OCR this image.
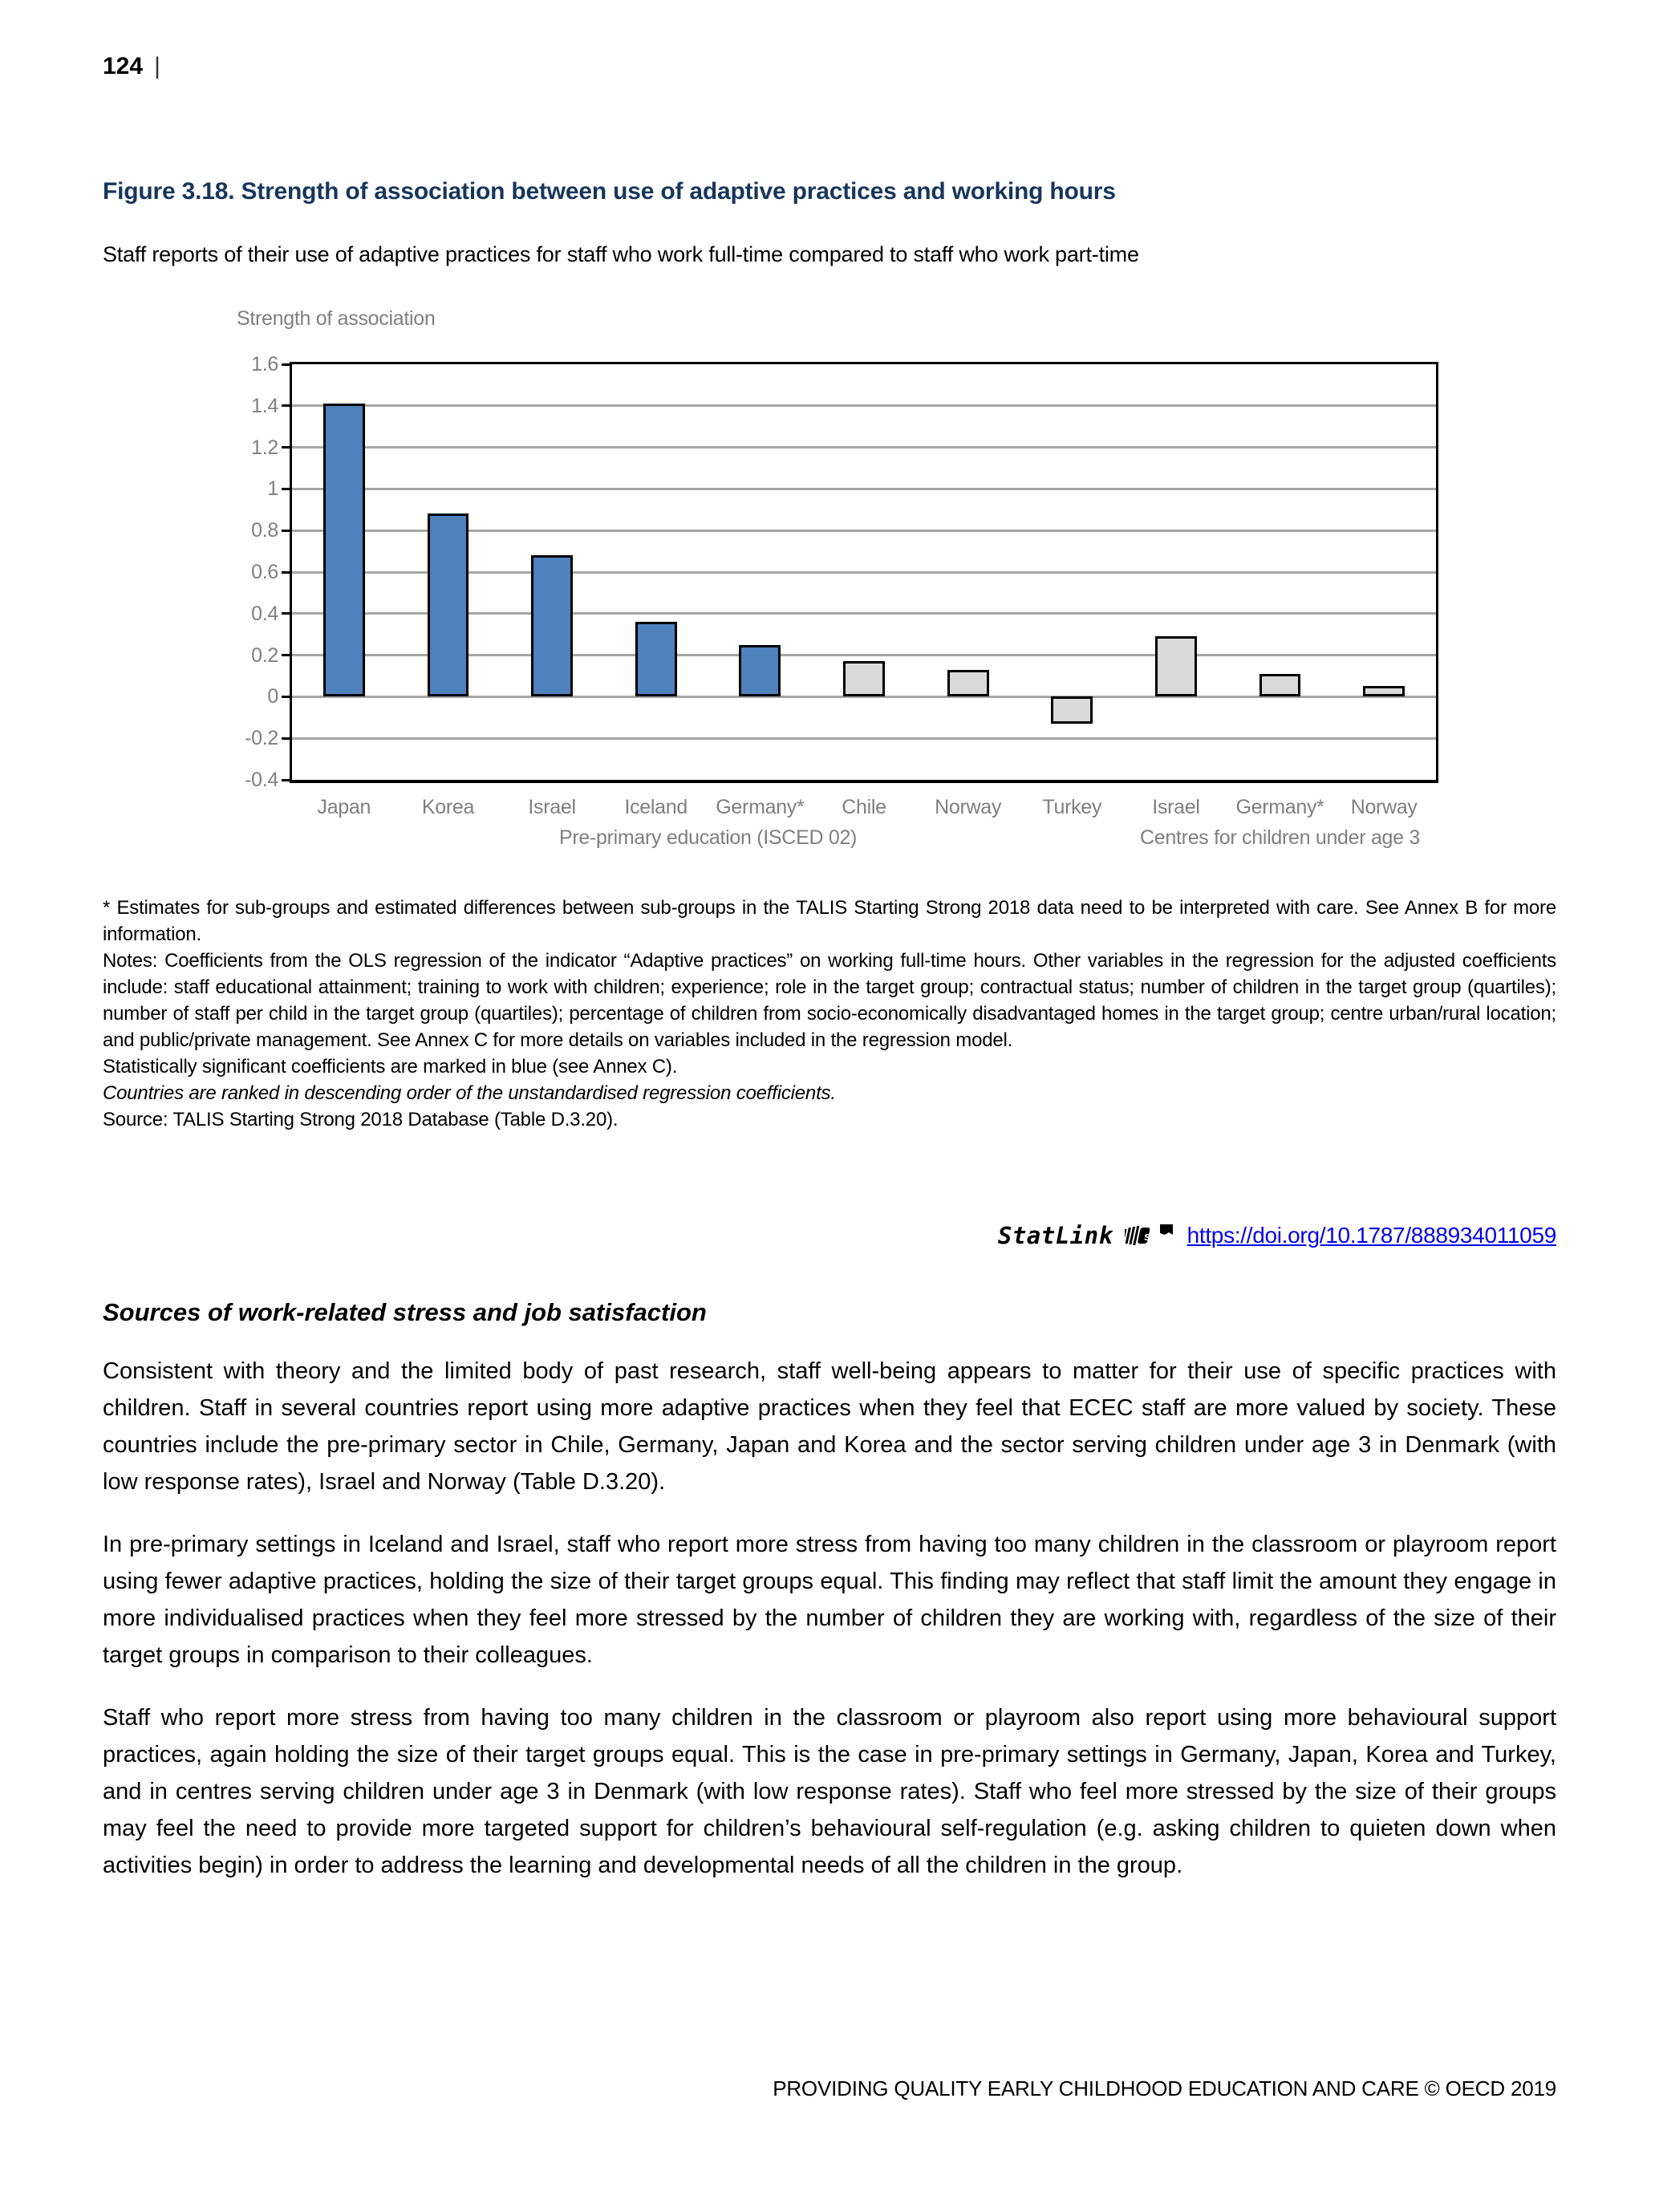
124 |
Figure 3.18. Strength of association between use of adaptive practices and working hours

Staff reports of their use of adaptive practices for staff who work full-time compared to staff who work part-time

Strength of association
1.6
1.4
1.2
1
0.8
0.6
0.4
0.2
0
-0.2
-0.4
Japan	Korea	Israel Iceland Germany* Chile Norway Turkey	Israel Germany* Norway
Pre-primary education (ISCED 02)	Centres for children under age 3

* Estimates for sub-groups and estimated differences between sub-groups in the TALIS Starting Strong 2018 data need to be interpreted with care. See Annex B for more information.

Notes: Coefficients from the OLS regression of the indicator “Adaptive practices” on working full-time hours. Other variables in the regression for the adjusted coefficients include: staff educational attainment; training to work with children; experience; role in the target group; contractual status; number of children in the target group (quartiles); number of staff per child in the target group (quartiles); percentage of children from socio-economically disadvantaged homes in the target group; centre urban/rural location; and public/private management. See Annex C for more details on variables included in the regression model.

Statistically significant coefficients are marked in blue (see Annex C).

Countries are ranked in descending order of the unstandardised regression coefficients.

Source: TALIS Starting Strong 2018 Database (Table D.3.20).

StatLink	s https://doi.org/10.1787/888934011059
Sources of work-related stress and job satisfaction

Consistent with theory and the limited body of past research, staff well-being appears to matter for their use of specific practices with children. Staff in several countries report using more adaptive practices when they feel that ECEC staff are more valued by society. These countries include the pre-primary sector in Chile, Germany, Japan and Korea and the sector serving children under age 3 in Denmark (with low response rates), Israel and Norway (Table D.3.20).

In pre-primary settings in Iceland and Israel, staff who report more stress from having too many children in the classroom or playroom report using fewer adaptive practices, holding the size of their target groups equal. This finding may reflect that staff limit the amount they engage in more individualised practices when they feel more stressed by the number of children they are working with, regardless of the size of their target groups in comparison to their colleagues.

Staff who report more stress from having too many children in the classroom or playroom also report using more behavioural support practices, again holding the size of their target groups equal. This is the case in pre-primary settings in Germany, Japan, Korea and Turkey, and in centres serving children under age 3 in Denmark (with low response rates). Staff who feel more stressed by the size of their groups may feel the need to provide more targeted support for children’s behavioural self-regulation (e.g. asking children to quieten down when activities begin) in order to address the learning and developmental needs of all the children in the group.

PROVIDING QUALITY EARLY CHILDHOOD EDUCATION AND CARE © OECD 2019
